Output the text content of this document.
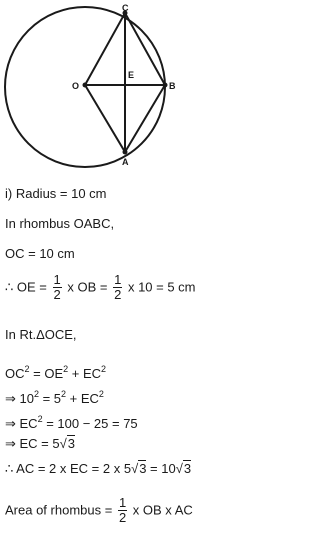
C
O
E
B
A
i) Radius = 10 cm
In rhombus OABC,
OC = 10 cm
∴ OE = $\frac{1}{2}$ x OB = $\frac{1}{2}$ x 10 = 5 cm
In Rt.ΔOCE,
$OC^2 = OE^2 + EC^2$
⇒ $10^2 = 5^2 + EC^2$
⇒ $EC^2 = 100 - 25 = 75$
⇒ EC = 5√3
∴ AC = 2 x EC = 2 x 5√3 = 10√3
Area of rhombus = $\frac{1}{2}$ x OB x AC
